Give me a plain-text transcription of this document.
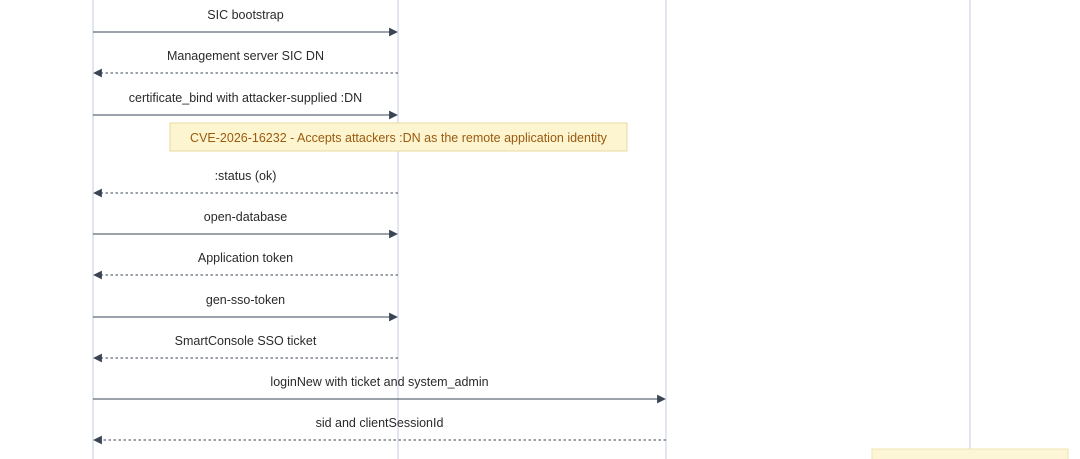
SIC bootstrap
Management server SIC DN
certificate_bind with attacker-supplied :DN
:status (ok)
open-database
Application token
gen-sso-token
SmartConsole SSO ticket
loginNew with ticket and system_admin
sid and clientSessionId
CVE-2026-16232 - Accepts attackers :DN as the remote application identity
